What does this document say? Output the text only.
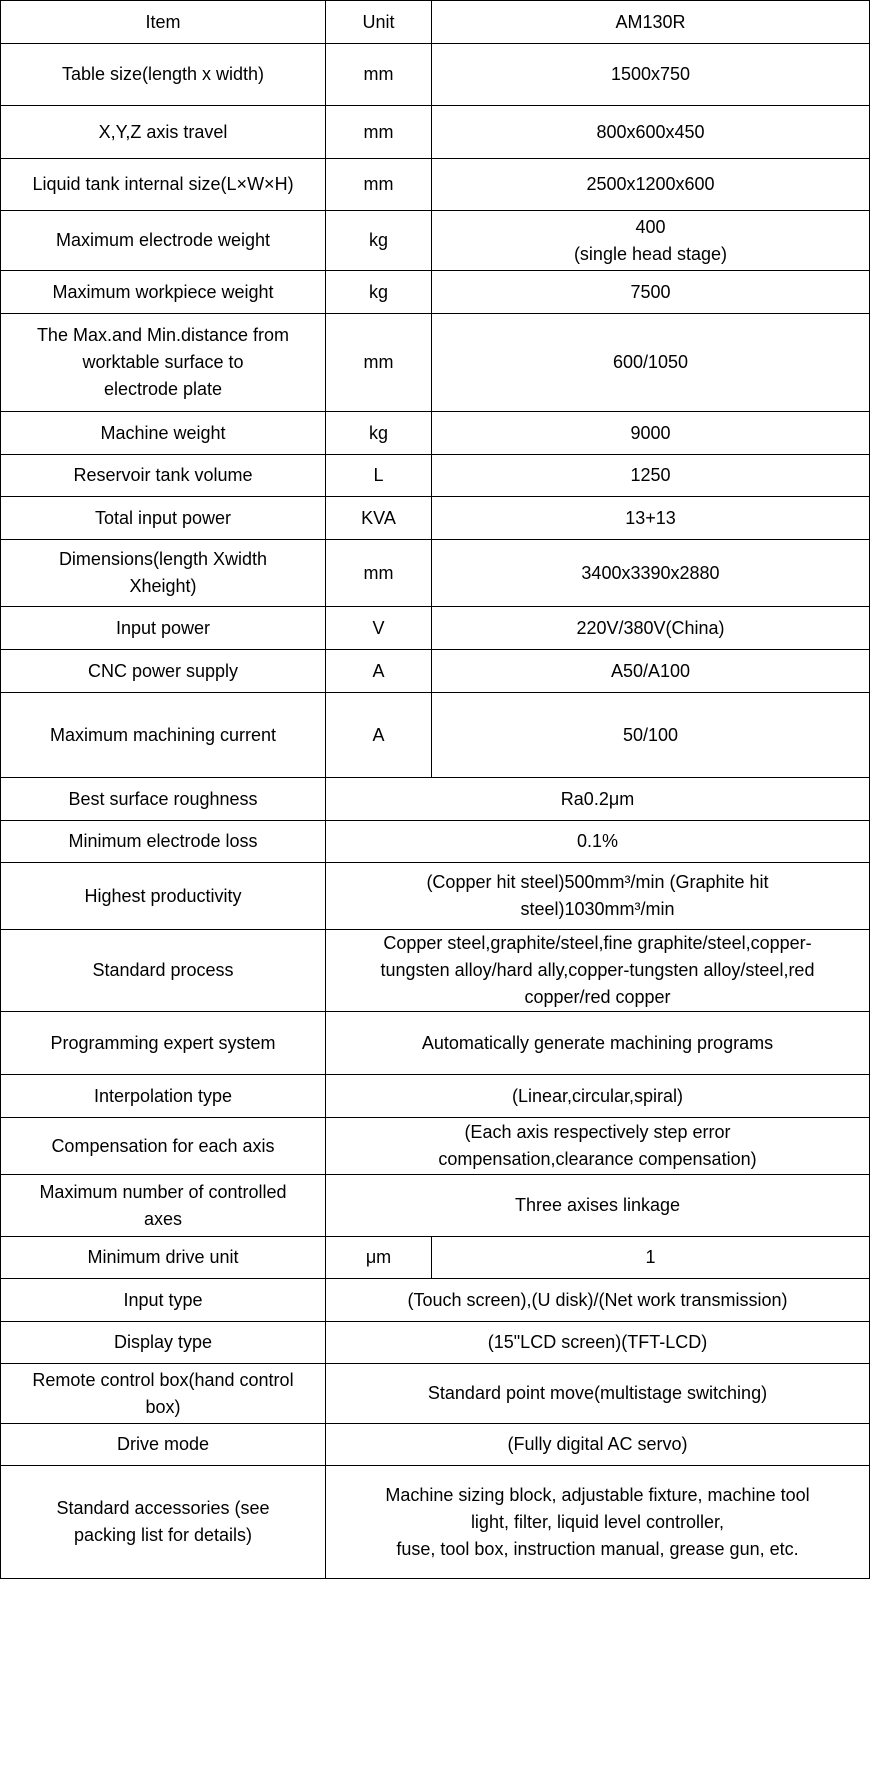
Item	Unit	AM130R
Table size(length x width)	mm	1500x750
X,Y,Z axis travel	mm	800x600x450
Liquid tank internal size(L×W×H)	mm	2500x1200x600
Maximum electrode weight	kg	400
(single head stage)
Maximum workpiece weight	kg	7500
The Max.and Min.distance from
worktable surface to
electrode plate	mm	600/1050
Machine weight	kg	9000
Reservoir tank volume	L	1250
Total input power	KVA	13+13
Dimensions(length Xwidth
Xheight)	mm	3400x3390x2880
Input power	V	220V/380V(China)
CNC power supply	A	A50/A100
Maximum machining current	A	50/100
Best surface roughness	Ra0.2μm	
Minimum electrode loss	0.1%	
Highest productivity	(Copper hit steel)500mm³/min (Graphite hit
steel)1030mm³/min	
Standard process	Copper steel,graphite/steel,fine graphite/steel,copper-
tungsten alloy/hard ally,copper-tungsten alloy/steel,red
copper/red copper	
Programming expert system	Automatically generate machining programs	
Interpolation type	(Linear,circular,spiral)	
Compensation for each axis	(Each axis respectively step error
compensation,clearance compensation)	
Maximum number of controlled
axes	Three axises linkage	
Minimum drive unit	μm	1
Input type	(Touch screen),(U disk)/(Net work transmission)	
Display type	(15"LCD screen)(TFT-LCD)	
Remote control box(hand control
box)	Standard point move(multistage switching)	
Drive mode	(Fully digital AC servo)	
Standard accessories (see
packing list for details)	Machine sizing block, adjustable fixture, machine tool
light, filter, liquid level controller,
fuse, tool box, instruction manual, grease gun, etc.	
